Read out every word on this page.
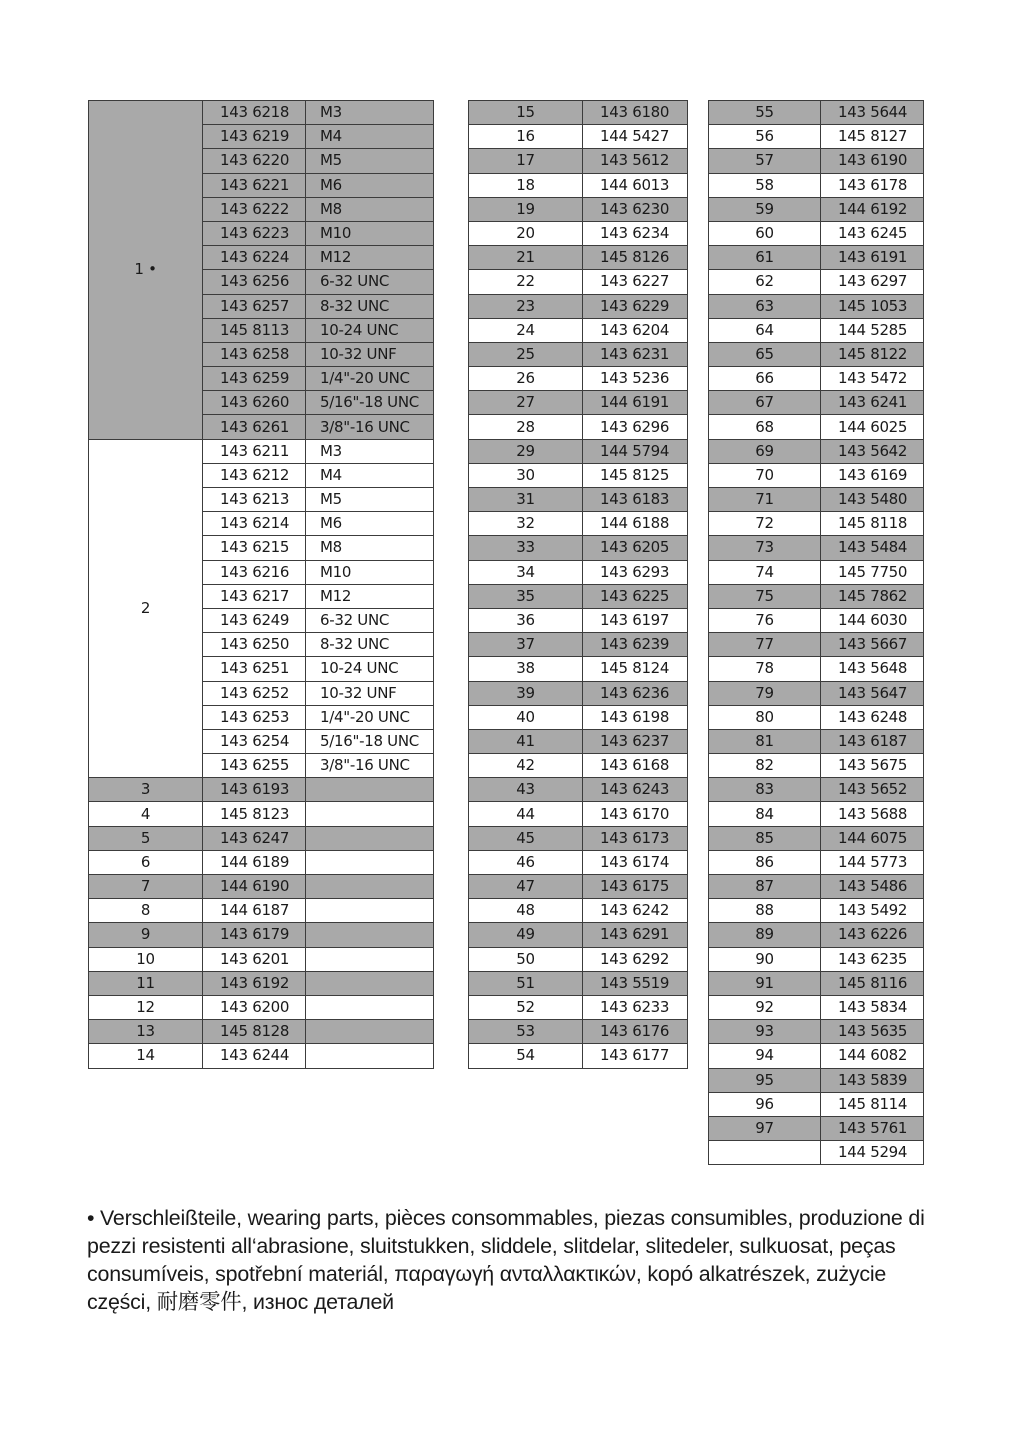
1 •	143 6218	M3
	143 6219	M4
	143 6220	M5
	143 6221	M6
	143 6222	M8
	143 6223	M10
	143 6224	M12
	143 6256	6-32 UNC
	143 6257	8-32 UNC
	145 8113	10-24 UNC
	143 6258	10-32 UNF
	143 6259	1/4"-20 UNC
	143 6260	5/16"-18 UNC
	143 6261	3/8"-16 UNC
2	143 6211	M3
	143 6212	M4
	143 6213	M5
	143 6214	M6
	143 6215	M8
	143 6216	M10
	143 6217	M12
	143 6249	6-32 UNC
	143 6250	8-32 UNC
	143 6251	10-24 UNC
	143 6252	10-32 UNF
	143 6253	1/4"-20 UNC
	143 6254	5/16"-18 UNC
	143 6255	3/8"-16 UNC
3	143 6193	
4	145 8123	
5	143 6247	
6	144 6189	
7	144 6190	
8	144 6187	
9	143 6179	
10	143 6201	
11	143 6192	
12	143 6200	
13	145 8128	
14	143 6244	
15	143 6180
16	144 5427
17	143 5612
18	144 6013
19	143 6230
20	143 6234
21	145 8126
22	143 6227
23	143 6229
24	143 6204
25	143 6231
26	143 5236
27	144 6191
28	143 6296
29	144 5794
30	145 8125
31	143 6183
32	144 6188
33	143 6205
34	143 6293
35	143 6225
36	143 6197
37	143 6239
38	145 8124
39	143 6236
40	143 6198
41	143 6237
42	143 6168
43	143 6243
44	143 6170
45	143 6173
46	143 6174
47	143 6175
48	143 6242
49	143 6291
50	143 6292
51	143 5519
52	143 6233
53	143 6176
54	143 6177
55	143 5644
56	145 8127
57	143 6190
58	143 6178
59	144 6192
60	143 6245
61	143 6191
62	143 6297
63	145 1053
64	144 5285
65	145 8122
66	143 5472
67	143 6241
68	144 6025
69	143 5642
70	143 6169
71	143 5480
72	145 8118
73	143 5484
74	145 7750
75	145 7862
76	144 6030
77	143 5667
78	143 5648
79	143 5647
80	143 6248
81	143 6187
82	143 5675
83	143 5652
84	143 5688
85	144 6075
86	144 5773
87	143 5486
88	143 5492
89	143 6226
90	143 6235
91	145 8116
92	143 5834
93	143 5635
94	144 6082
95	143 5839
96	145 8114
97	143 5761
	144 5294
• Verschleißteile, wearing parts, pièces consommables, piezas consumibles, produzione di pezzi resistenti all‘abrasione, sluitstukken, sliddele, slitdelar, slitedeler, sulkuosat, peças consumíveis, spotřební materiál, παραγωγή ανταλλακτικών, kopó alkatrészek, zużycie części, 耐磨零件, износ деталей
